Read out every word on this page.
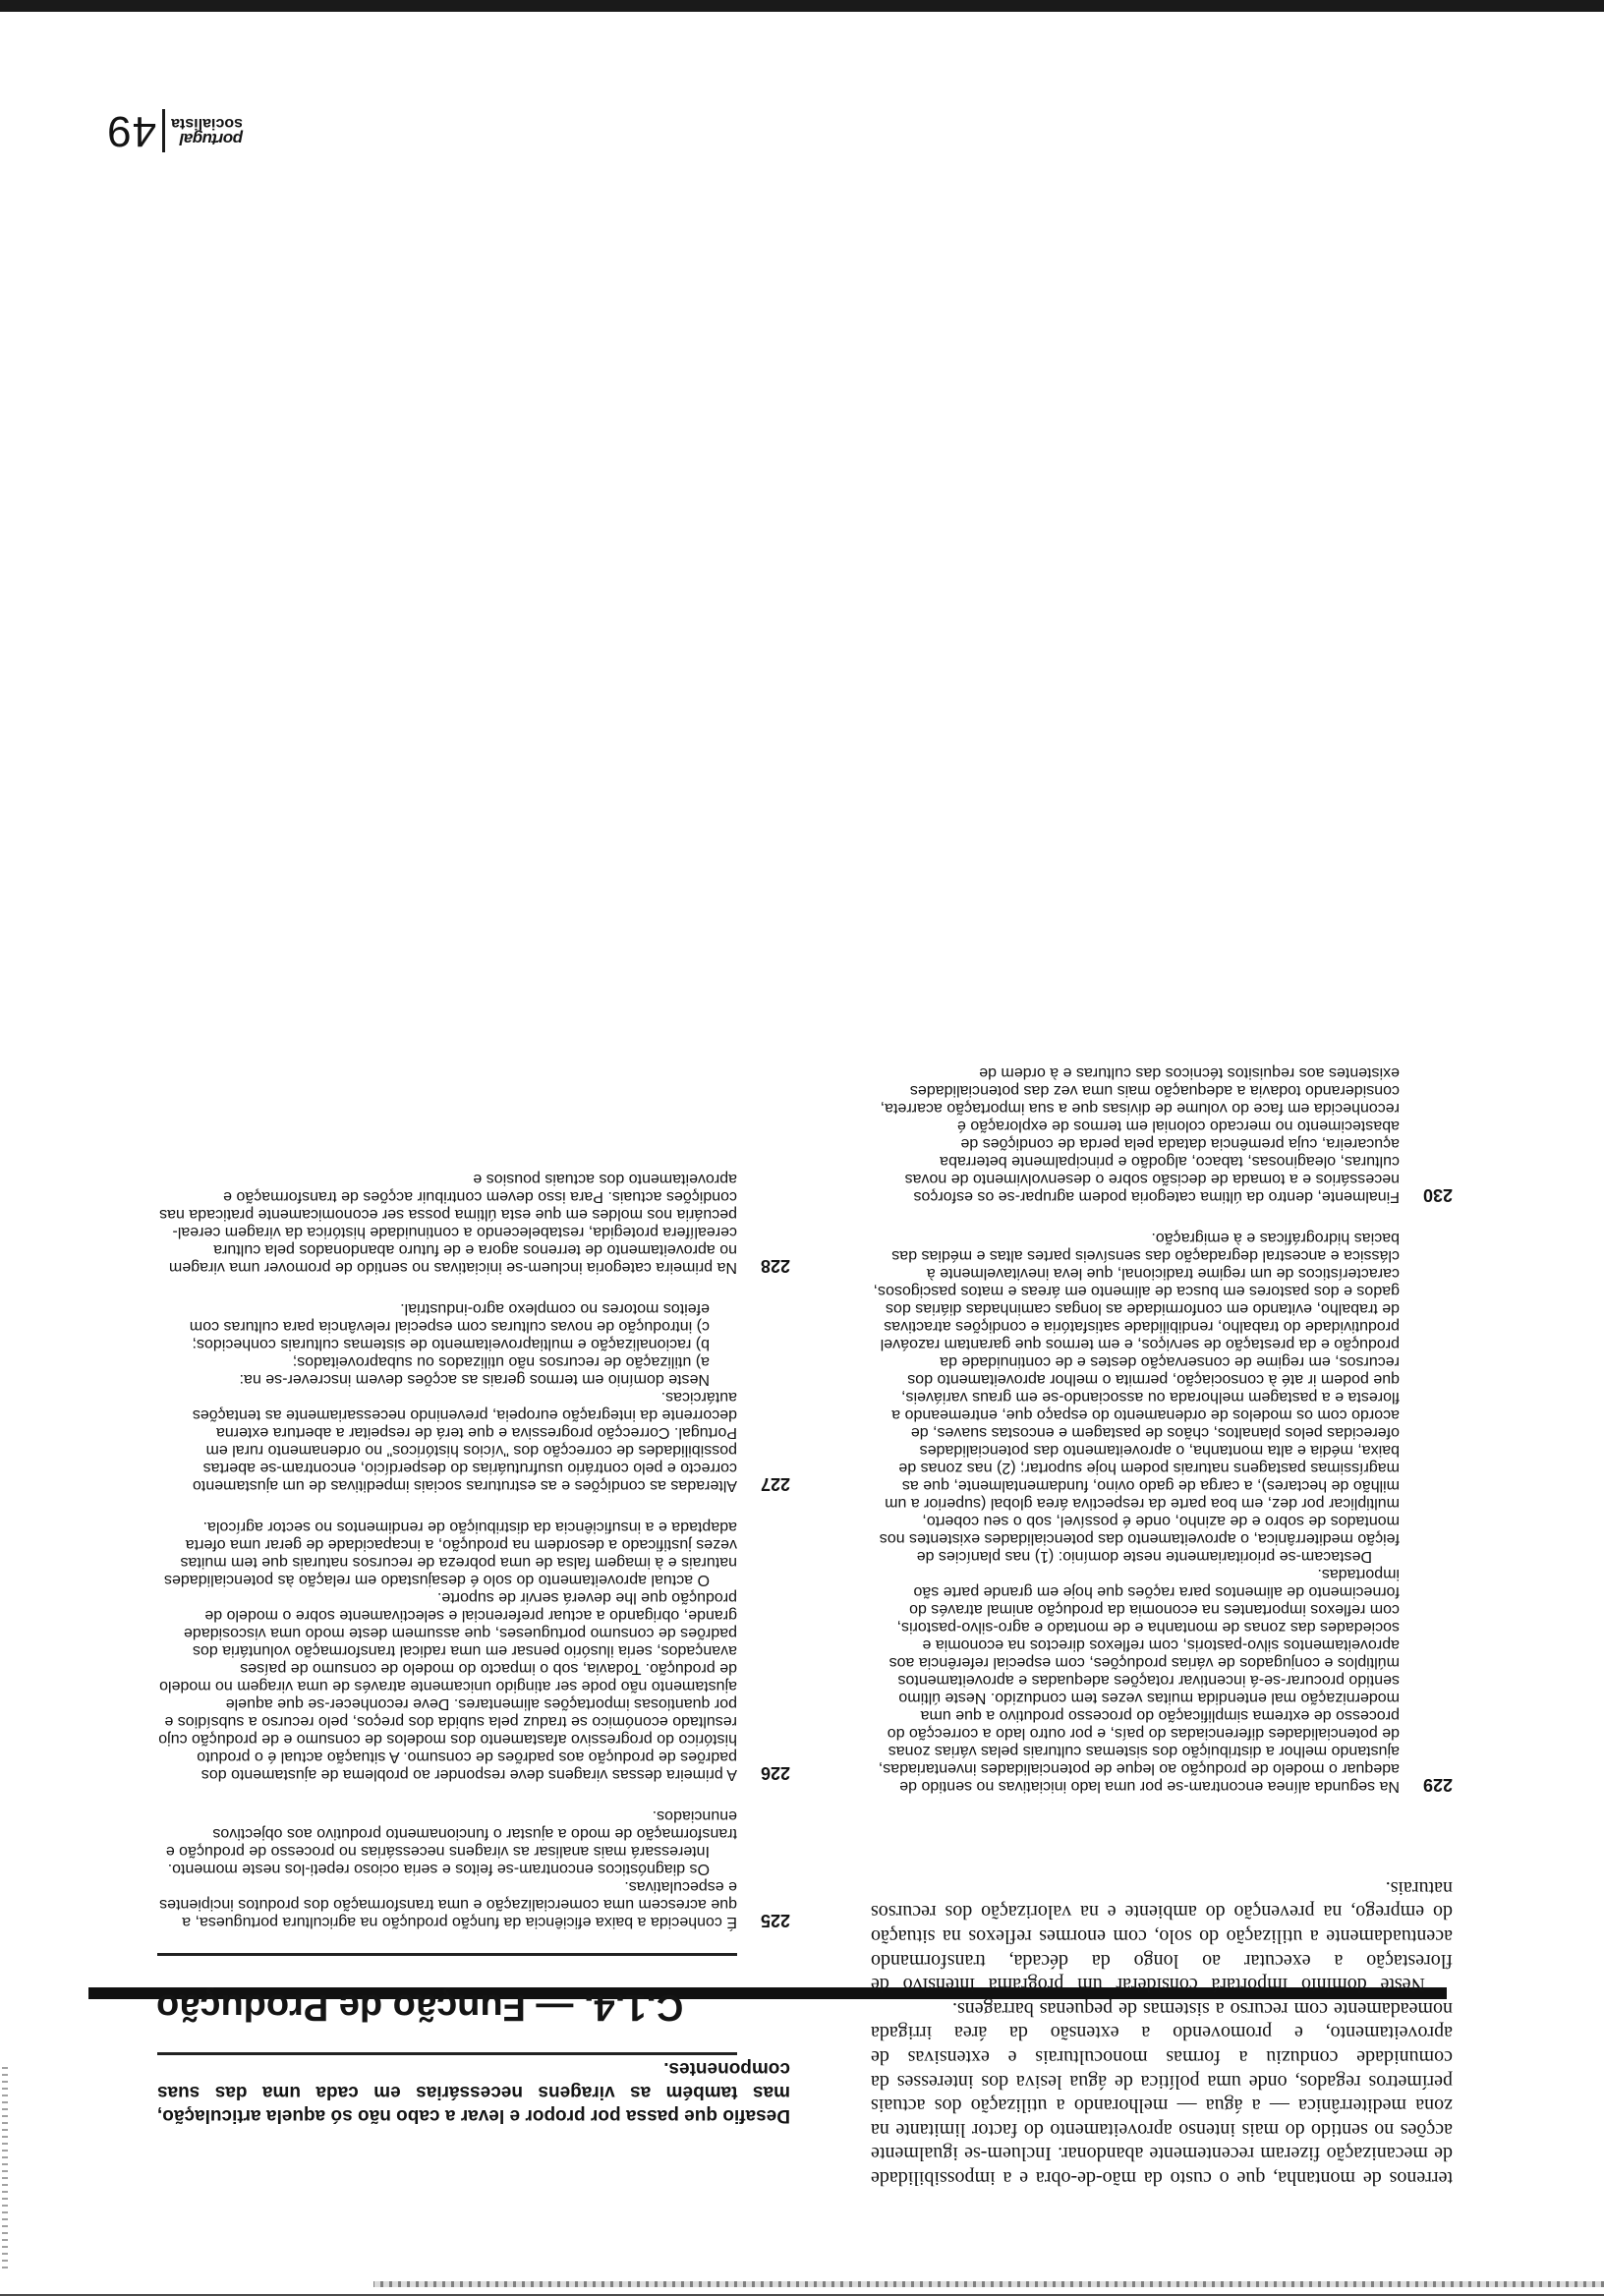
portugal
socialista
49
Desafio que passa por propor e levar a cabo não só aquela articulação, mas também as viragens necessárias em cada uma das suas componentes.
C.1.4. — Função de Produção
225

É conhecida a baixa eficiência da função produção na agricultura portuguesa, a que acrescem uma comercialização e uma transformação dos produtos incipientes e especulativas.

Os diagnósticos encontram-se feitos e seria ocioso repeti-los neste momento.

Interessará mais analisar as viragens necessárias no processo de produção e transformação de modo a ajustar o funcionamento produtivo aos objectivos enunciados.

226

A primeira dessas viragens deve responder ao problema de ajustamento dos padrões de produção aos padrões de consumo. A situação actual é o produto histórico do progressivo afastamento dos modelos de consumo e de produção cujo resultado económico se traduz pela subida dos preços, pelo recurso a subsídios e por quantiosas importações alimentares. Deve reconhecer-se que aquele ajustamento não pode ser atingido unicamente através de uma viragem no modelo de produção. Todavia, sob o impacto do modelo de consumo de países avançados, seria ilusório pensar em uma radical transformação voluntária dos padrões de consumo portugueses, que assumem deste modo uma viscosidade grande, obrigando a actuar preferencial e selectivamente sobre o modelo de produção que lhe deverá servir de suporte.

O actual aproveitamento do solo é desajustado em relação às potencialidades naturais e à imagem falsa de uma pobreza de recursos naturais que tem muitas vezes justificado a desordem na produção, a incapacidade de gerar uma oferta adaptada e a insuficiência da distribuição de rendimentos no sector agrícola.

227

Alteradas as condições e as estruturas sociais impeditivas de um ajustamento correcto e pelo contrário usufrutuárias do desperdício, encontram-se abertas possibilidades de correcção dos "vícios históricos" no ordenamento rural em Portugal. Correcção progressiva e que terá de respeitar a abertura externa decorrente da integração europeia, prevenindo necessariamente as tentações autárcicas.

Neste domínio em termos gerais as acções devem inscrever-se na:

a) utilização de recursos não utilizados ou subaproveitados;

b) racionalização e multiaproveitamento de sistemas culturais conhecidos;

c) introdução de novas culturas com especial relevância para culturas com efeitos motores no complexo agro-industrial.

228

Na primeira categoria incluem-se iniciativas no sentido de promover uma viragem no aproveitamento de terrenos agora e de futuro abandonados pela cultura cerealífera protegida, restabelecendo a continuidade histórica da viragem cereal-pecuária nos moldes em que esta última possa ser economicamente praticada nas condições actuais. Para isso devem contribuir acções de transformação e aproveitamento dos actuais pousios e

terrenos de montanha, que o custo da mão-de-obra e a impossibilidade de mecanização fizeram recentemente abandonar. Incluem-se igualmente acções no sentido do mais intenso aproveitamento do factor limitante na zona mediterrânica — a água — melhorando a utilização dos actuais perímetros regados, onde uma política de água lesiva dos interesses da comunidade conduziu a formas monoculturais e extensivas de aproveitamento, e promovendo a extensão da área irrigada nomeadamente com recurso a sistemas de pequenas barragens.

Neste domínio importará considerar um programa intensivo de florestação a executar ao longo da década, transformando acentuadamente a utilização do solo, com enormes reflexos na situação do emprego, na prevenção do ambiente e na valorização dos recursos naturais.

229

Na segunda alínea encontram-se por uma lado iniciativas no sentido de adequar o modelo de produção ao leque de potencialidades inventariadas, ajustando melhor a distribuição dos sistemas culturais pelas várias zonas de potencialidades diferenciadas do país, e por outro lado a correcção do processo de extrema simplificação do processo produtivo a que uma modernização mal entendida muitas vezes tem conduzido. Neste último sentido procurar-se-á incentivar rotações adequadas e aproveitamentos múltiplos e conjugados de várias produções, com especial referência aos aproveitamentos silvo-pastoris, com reflexos directos na economia e sociedades das zonas de montanha e de montado e agro-silvo-pastoris, com reflexos importantes na economia da produção animal através do fornecimento de alimentos para rações que hoje em grande parte são importadas.

Destacam-se prioritariamente neste domínio: (1) nas planícies de feição mediterrânica, o aproveitamento das potencialidades existentes nos montados de sobro e de azinho, onde é possível, sob o seu coberto, multiplicar por dez, em boa parte da respectiva área global (superior a um milhão de hectares), a carga de gado ovino, fundamentalmente, que as magríssimas pastagens naturais podem hoje suportar; (2) nas zonas de baixa, média e alta montanha, o aproveitamento das potencialidades oferecidas pelos planaltos, chãos de pastagem e encostas suaves, de acordo com os modelos de ordenamento do espaço que, entremeando a floresta e a pastagem melhorada ou associando-se em graus variáveis, que podem ir até à consociação, permita o melhor aproveitamento dos recursos, em regime de conservação destes e de continuidade da produção e da prestação de serviços, e em termos que garantam razoável produtividade do trabalho, rendibilidade satisfatória e condições atractivas de trabalho, evitando em conformidade as longas caminhadas diárias dos gados e dos pastores em busca de alimento em áreas e matos pascigosos, característicos de um regime tradicional, que leva inevitavelmente à clássica e ancestral degradação das sensíveis partes altas e médias das bacias hidrográficas e à emigração.

230

Finalmente, dentro da última categoria podem agrupar-se os esforços necessários e a tomada de decisão sobre o desenvolvimento de novas culturas, oleaginosas, tabaco, algodão e principalmente beterraba açucareira, cuja premência datada pela perda de condições de abastecimento no mercado colonial em termos de exploração é reconhecida em face do volume de divisas que a sua importação acarreta, considerando todavia a adequação mais uma vez das potencialidades existentes aos requisitos técnicos das culturas e à ordem de
